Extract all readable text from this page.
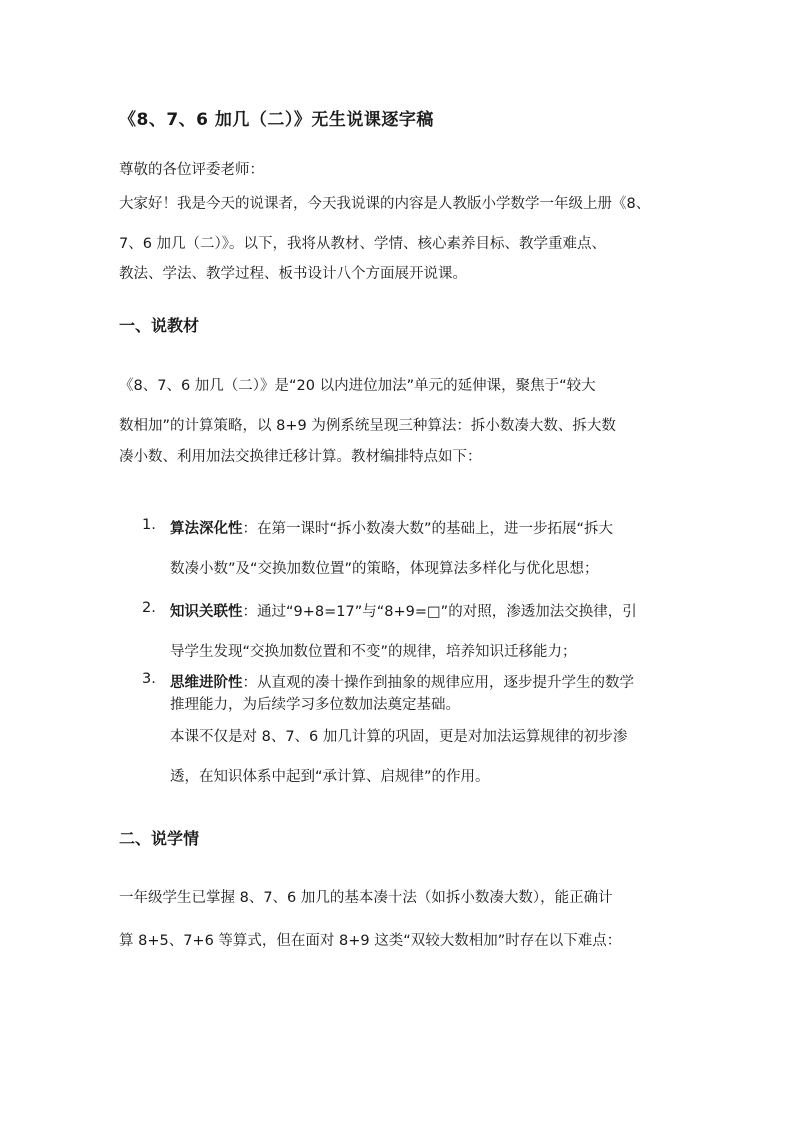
《8、7、6 加几（二）》无生说课逐字稿
尊敬的各位评委老师：
大家好！我是今天的说课者，今天我说课的内容是人教版小学数学一年级上册《8、
7、6 加几（二）》。以下，我将从教材、学情、核心素养目标、教学重难点、
教法、学法、教学过程、板书设计八个方面展开说课。
一、说教材
《8、7、6 加几（二）》是“20 以内进位加法”单元的延伸课，聚焦于“较大
数相加”的计算策略，以 8+9 为例系统呈现三种算法：拆小数凑大数、拆大数
凑小数、利用加法交换律迁移计算。教材编排特点如下：
1. 算法深化性：在第一课时“拆小数凑大数”的基础上，进一步拓展“拆大
数凑小数”及“交换加数位置”的策略，体现算法多样化与优化思想；
2. 知识关联性：通过“9+8=17”与“8+9=□”的对照，渗透加法交换律，引
导学生发现“交换加数位置和不变”的规律，培养知识迁移能力；
3. 思维进阶性：从直观的凑十操作到抽象的规律应用，逐步提升学生的数学
推理能力，为后续学习多位数加法奠定基础。
本课不仅是对 8、7、6 加几计算的巩固，更是对加法运算规律的初步渗
透，在知识体系中起到“承计算、启规律”的作用。
二、说学情
一年级学生已掌握 8、7、6 加几的基本凑十法（如拆小数凑大数），能正确计
算 8+5、7+6 等算式，但在面对 8+9 这类“双较大数相加”时存在以下难点：
